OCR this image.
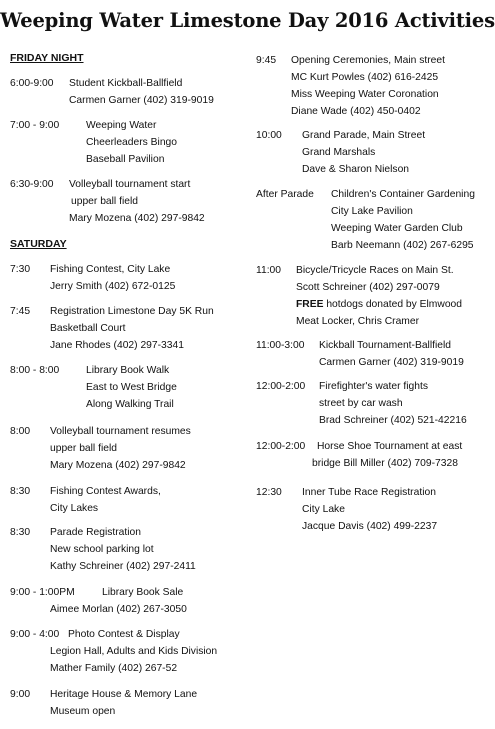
Weeping Water Limestone Day 2016 Activities
FRIDAY NIGHT
6:00-9:00 Student Kickball-Ballfield
Carmen Garner (402) 319-9019
7:00 - 9:00	Weeping Water
Cheerleaders Bingo
Baseball Pavilion
6:30-9:00 Volleyball tournament start
upper ball field
Mary Mozena (402) 297-9842
SATURDAY
7:30 Fishing Contest, City Lake
Jerry Smith (402) 672-0125
7:45 Registration Limestone Day 5K Run
Basketball Court
Jane Rhodes (402) 297-3341
8:00 - 8:00	Library Book Walk
East to West Bridge
Along Walking Trail
8:00 Volleyball tournament resumes
upper ball field
Mary Mozena (402) 297-9842
8:30 Fishing Contest Awards,
City Lakes
8:30 Parade Registration
New school parking lot
Kathy Schreiner (402) 297-2411
9:00 - 1:00PM	Library Book Sale
Aimee Morlan (402) 267-3050
9:00 - 4:00 Photo Contest & Display
Legion Hall, Adults and Kids Division
Mather Family (402) 267-52
9:00 Heritage House & Memory Lane
Museum open
9:45 Opening Ceremonies, Main street
MC Kurt Powles (402) 616-2425
Miss Weeping Water Coronation
Diane Wade (402) 450-0402
10:00 Grand Parade, Main Street
Grand Marshals
Dave & Sharon Nielson
After Parade Children's Container Gardening
City Lake Pavilion
Weeping Water Garden Club
Barb Neemann (402) 267-6295
11:00 Bicycle/Tricycle Races on Main St.
Scott Schreiner (402) 297-0079
FREE hotdogs donated by Elmwood
Meat Locker, Chris Cramer
11:00-3:00 Kickball Tournament-Ballfield
Carmen Garner (402) 319-9019
12:00-2:00 Firefighter's water fights
street by car wash
Brad Schreiner (402) 521-42216
12:00-2:00 Horse Shoe Tournament at east
bridge Bill Miller (402) 709-7328
12:30 Inner Tube Race Registration
City Lake
Jacque Davis (402) 499-2237
